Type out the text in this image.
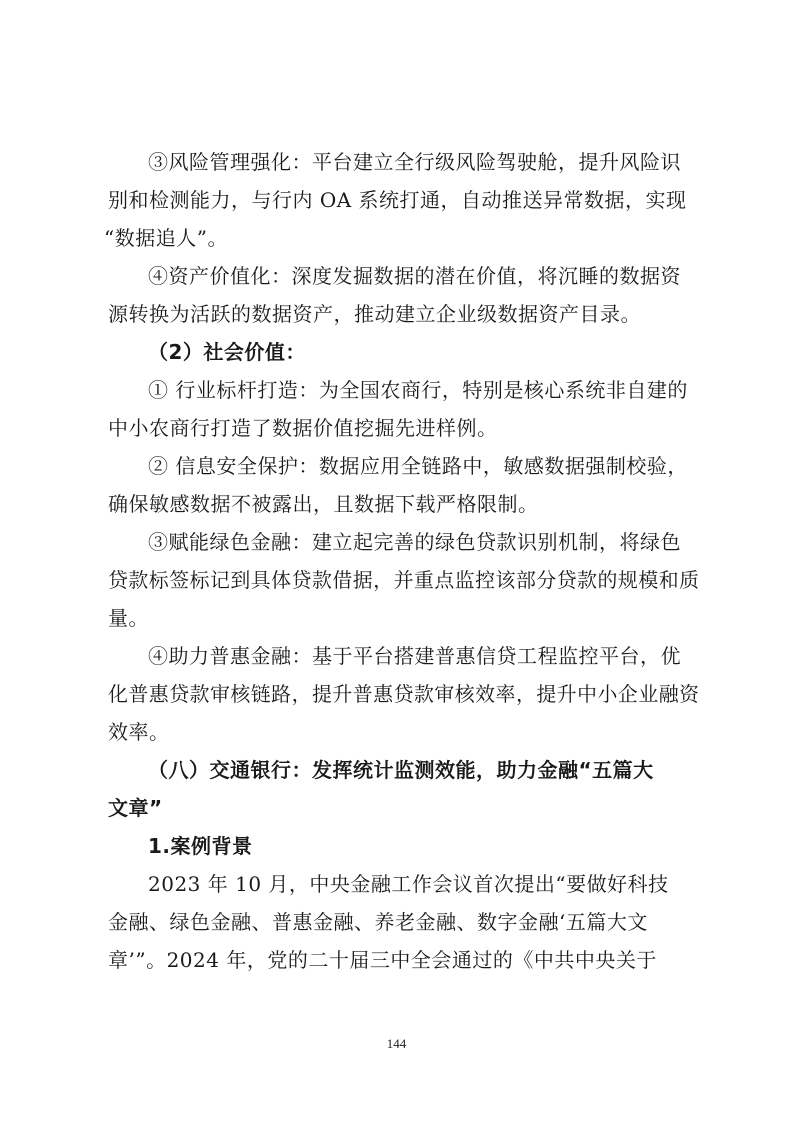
③风险管理强化：平台建立全行级风险驾驶舱，提升风险识
别和检测能力，与行内 OA 系统打通，自动推送异常数据，实现
“数据追人”。
④资产价值化：深度发掘数据的潜在价值，将沉睡的数据资
源转换为活跃的数据资产，推动建立企业级数据资产目录。
（2）社会价值：
① 行业标杆打造：为全国农商行，特别是核心系统非自建的
中小农商行打造了数据价值挖掘先进样例。
② 信息安全保护：数据应用全链路中，敏感数据强制校验，
确保敏感数据不被露出，且数据下载严格限制。
③赋能绿色金融：建立起完善的绿色贷款识别机制，将绿色
贷款标签标记到具体贷款借据，并重点监控该部分贷款的规模和质
量。
④助力普惠金融：基于平台搭建普惠信贷工程监控平台，优
化普惠贷款审核链路，提升普惠贷款审核效率，提升中小企业融资
效率。
（八）交通银行：发挥统计监测效能，助力金融“五篇大
文章”
1.案例背景
2023 年 10 月，中央金融工作会议首次提出“要做好科技
金融、绿色金融、普惠金融、养老金融、数字金融‘五篇大文
章’”。2024 年，党的二十届三中全会通过的《中共中央关于
144
